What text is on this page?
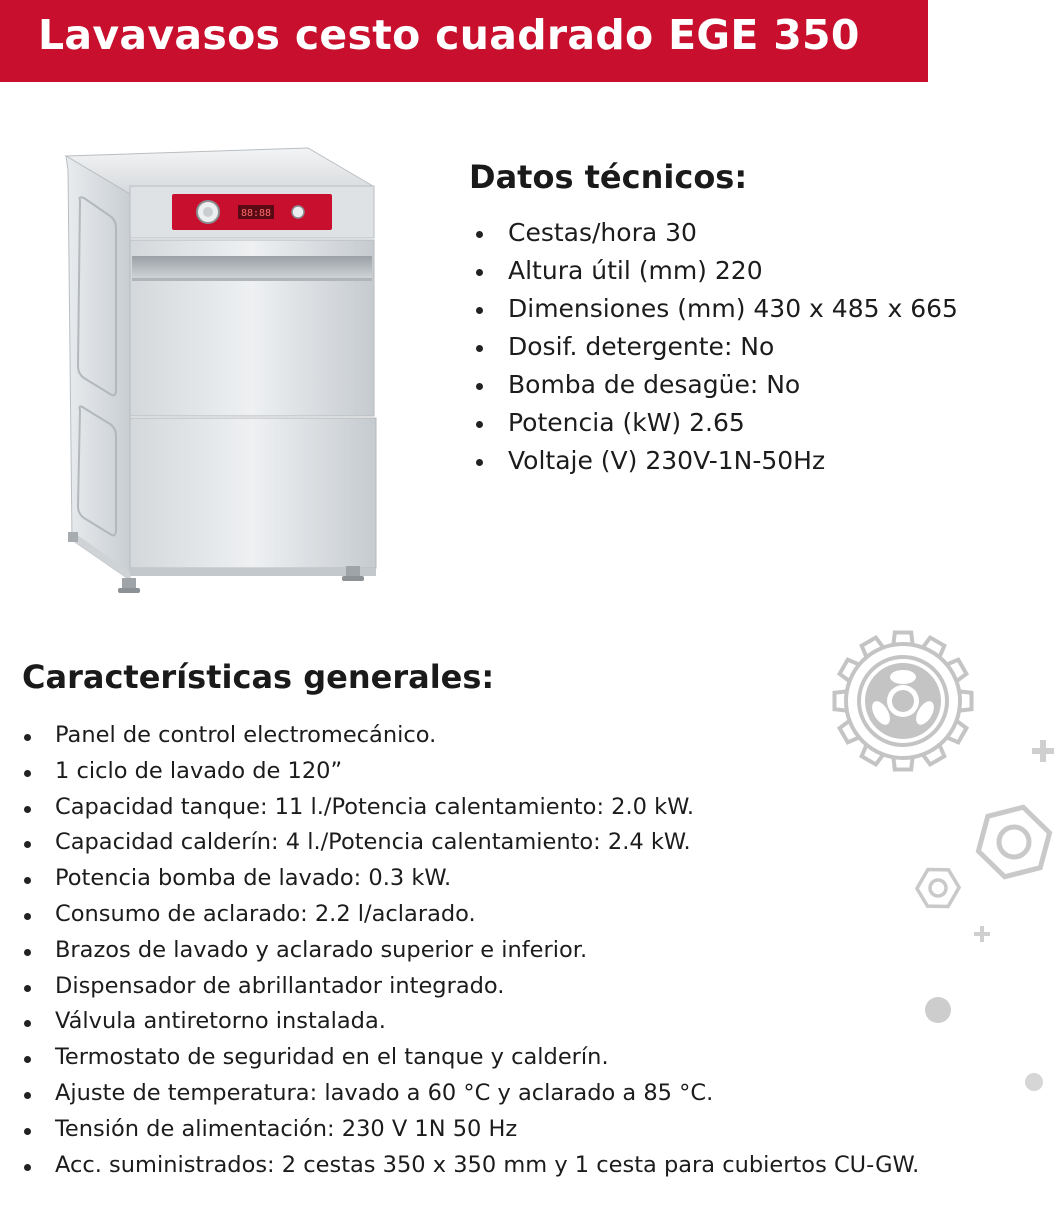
Lavavasos cesto cuadrado EGE 350
88:88
Datos técnicos:
Cestas/hora 30
Altura útil (mm) 220
Dimensiones (mm) 430 x 485 x 665
Dosif. detergente: No
Bomba de desagüe: No
Potencia (kW) 2.65
Voltaje (V) 230V-1N-50Hz
Características generales:
Panel de control electromecánico.
1 ciclo de lavado de 120”
Capacidad tanque: 11 l./Potencia calentamiento: 2.0 kW.
Capacidad calderín: 4 l./Potencia calentamiento: 2.4 kW.
Potencia bomba de lavado: 0.3 kW.
Consumo de aclarado: 2.2 l/aclarado.
Brazos de lavado y aclarado superior e inferior.
Dispensador de abrillantador integrado.
Válvula antiretorno instalada.
Termostato de seguridad en el tanque y calderín.
Ajuste de temperatura: lavado a 60 °C y aclarado a 85 °C.
Tensión de alimentación: 230 V 1N 50 Hz
Acc. suministrados: 2 cestas 350 x 350 mm y 1 cesta para cubiertos CU-GW.
